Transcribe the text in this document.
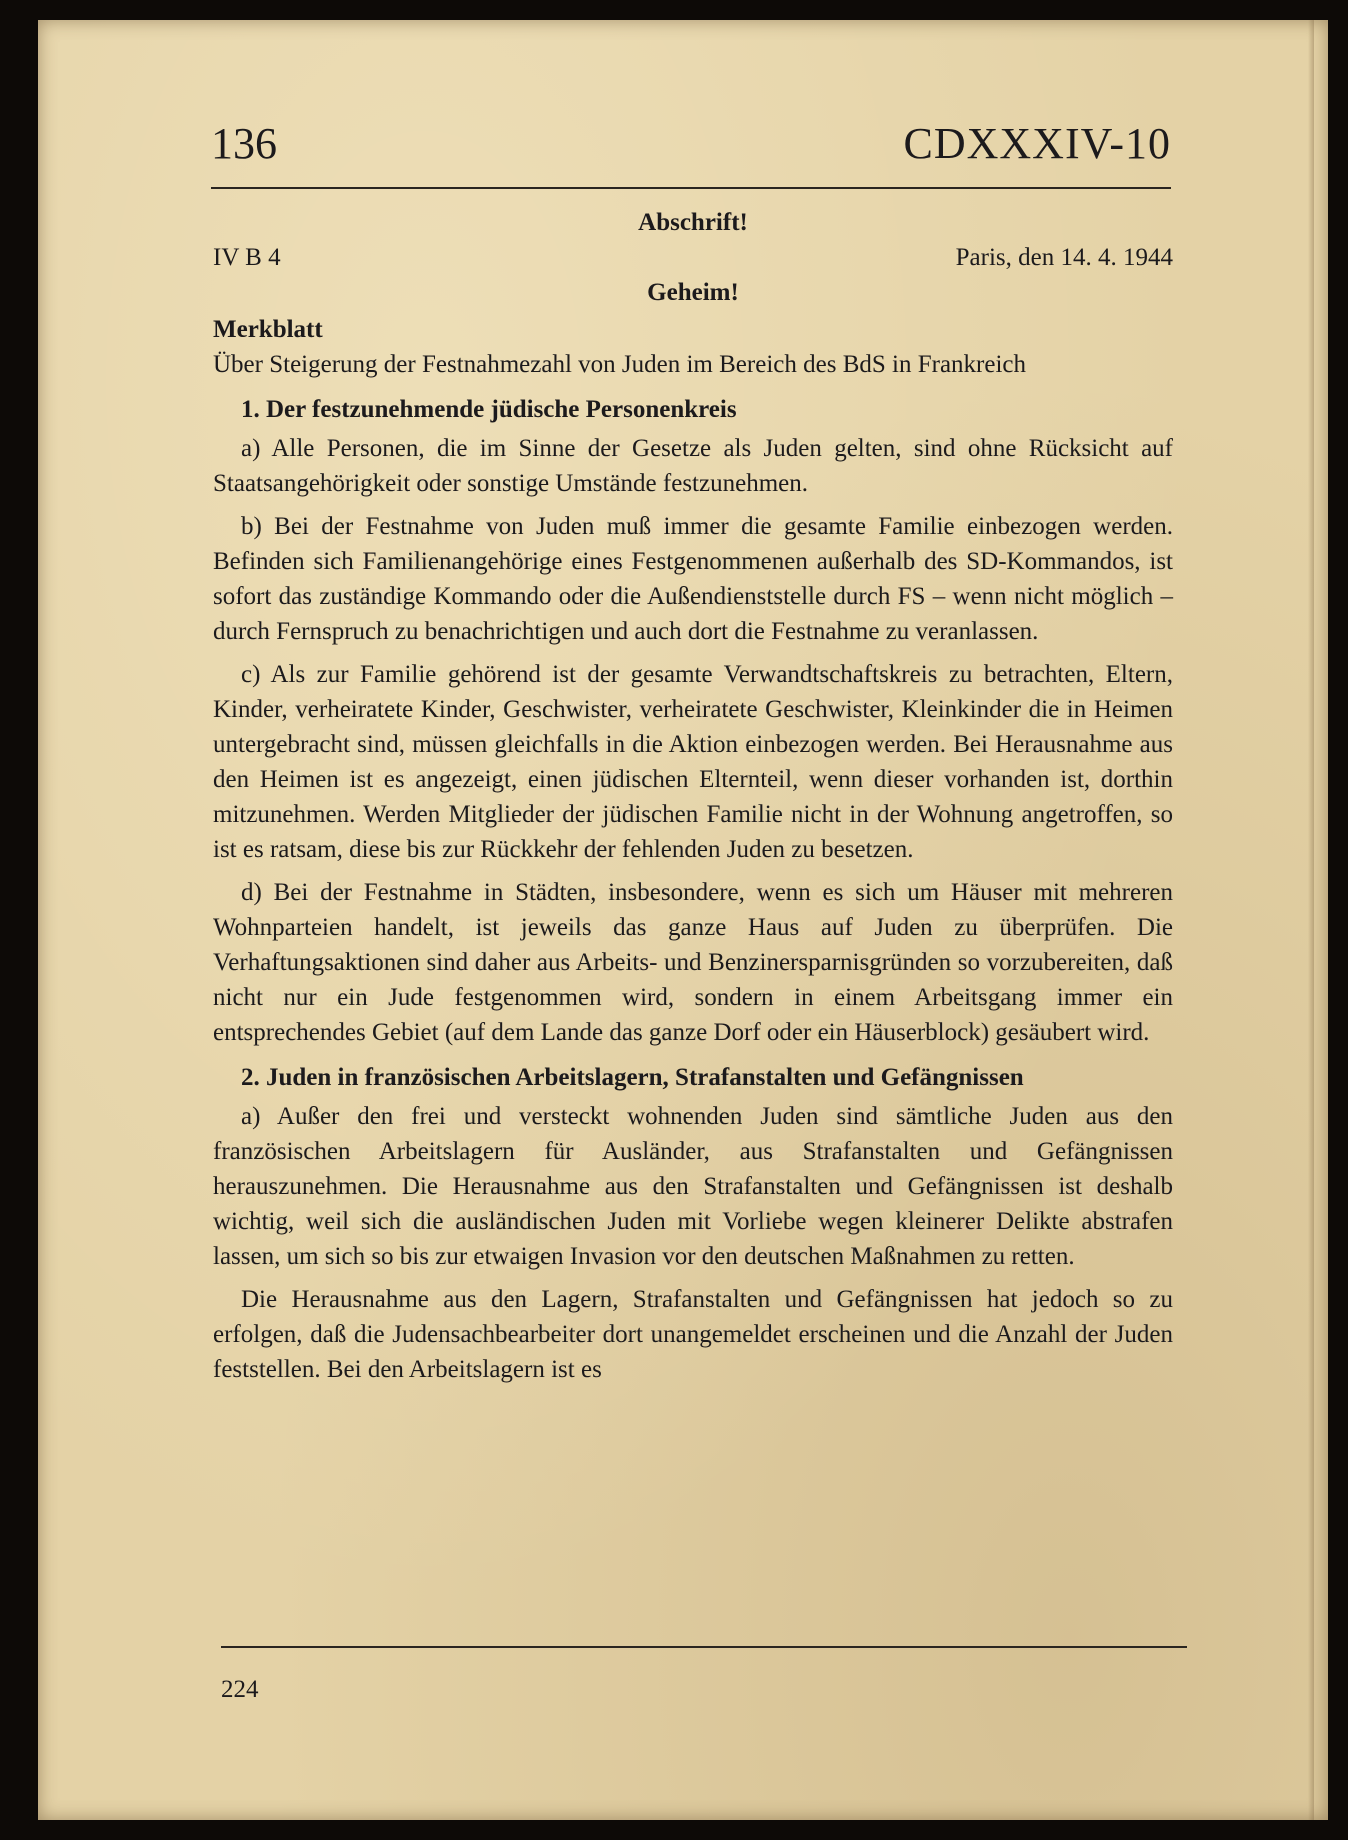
136	CDXXXIV-10
Abschrift!
IV B 4	Paris, den 14. 4. 1944
Geheim!
Merkblatt
Über Steigerung der Festnahmezahl von Juden im Bereich des BdS in Frankreich
1. Der festzunehmende jüdische Personenkreis

a) Alle Personen, die im Sinne der Gesetze als Juden gelten, sind ohne Rücksicht auf Staatsangehörigkeit oder sonstige Umstände festzunehmen.

b) Bei der Festnahme von Juden muß immer die gesamte Familie einbezogen werden. Befinden sich Familienangehörige eines Festgenommenen außerhalb des SD-Kommandos, ist sofort das zuständige Kommando oder die Außendienststelle durch FS – wenn nicht möglich – durch Fernspruch zu benachrichtigen und auch dort die Festnahme zu veranlassen.

c) Als zur Familie gehörend ist der gesamte Verwandtschaftskreis zu betrachten, Eltern, Kinder, verheiratete Kinder, Geschwister, verheiratete Geschwister, Kleinkinder die in Heimen untergebracht sind, müssen gleichfalls in die Aktion einbezogen werden. Bei Herausnahme aus den Heimen ist es angezeigt, einen jüdischen Elternteil, wenn dieser vorhanden ist, dorthin mitzunehmen. Werden Mitglieder der jüdischen Familie nicht in der Wohnung angetroffen, so ist es ratsam, diese bis zur Rückkehr der fehlenden Juden zu besetzen.

d) Bei der Festnahme in Städten, insbesondere, wenn es sich um Häuser mit mehreren Wohnparteien handelt, ist jeweils das ganze Haus auf Juden zu überprüfen. Die Verhaftungsaktionen sind daher aus Arbeits- und Benzinersparnisgründen so vorzubereiten, daß nicht nur ein Jude festgenommen wird, sondern in einem Arbeitsgang immer ein entsprechendes Gebiet (auf dem Lande das ganze Dorf oder ein Häuserblock) gesäubert wird.

2. Juden in französischen Arbeitslagern, Strafanstalten und Gefängnissen

a) Außer den frei und versteckt wohnenden Juden sind sämtliche Juden aus den französischen Arbeitslagern für Ausländer, aus Strafanstalten und Gefängnissen herauszunehmen. Die Herausnahme aus den Strafanstalten und Gefängnissen ist deshalb wichtig, weil sich die ausländischen Juden mit Vorliebe wegen kleinerer Delikte abstrafen lassen, um sich so bis zur etwaigen Invasion vor den deutschen Maßnahmen zu retten.

Die Herausnahme aus den Lagern, Strafanstalten und Gefängnissen hat jedoch so zu erfolgen, daß die Judensachbearbeiter dort unangemeldet erscheinen und die Anzahl der Juden feststellen. Bei den Arbeitslagern ist es

224
